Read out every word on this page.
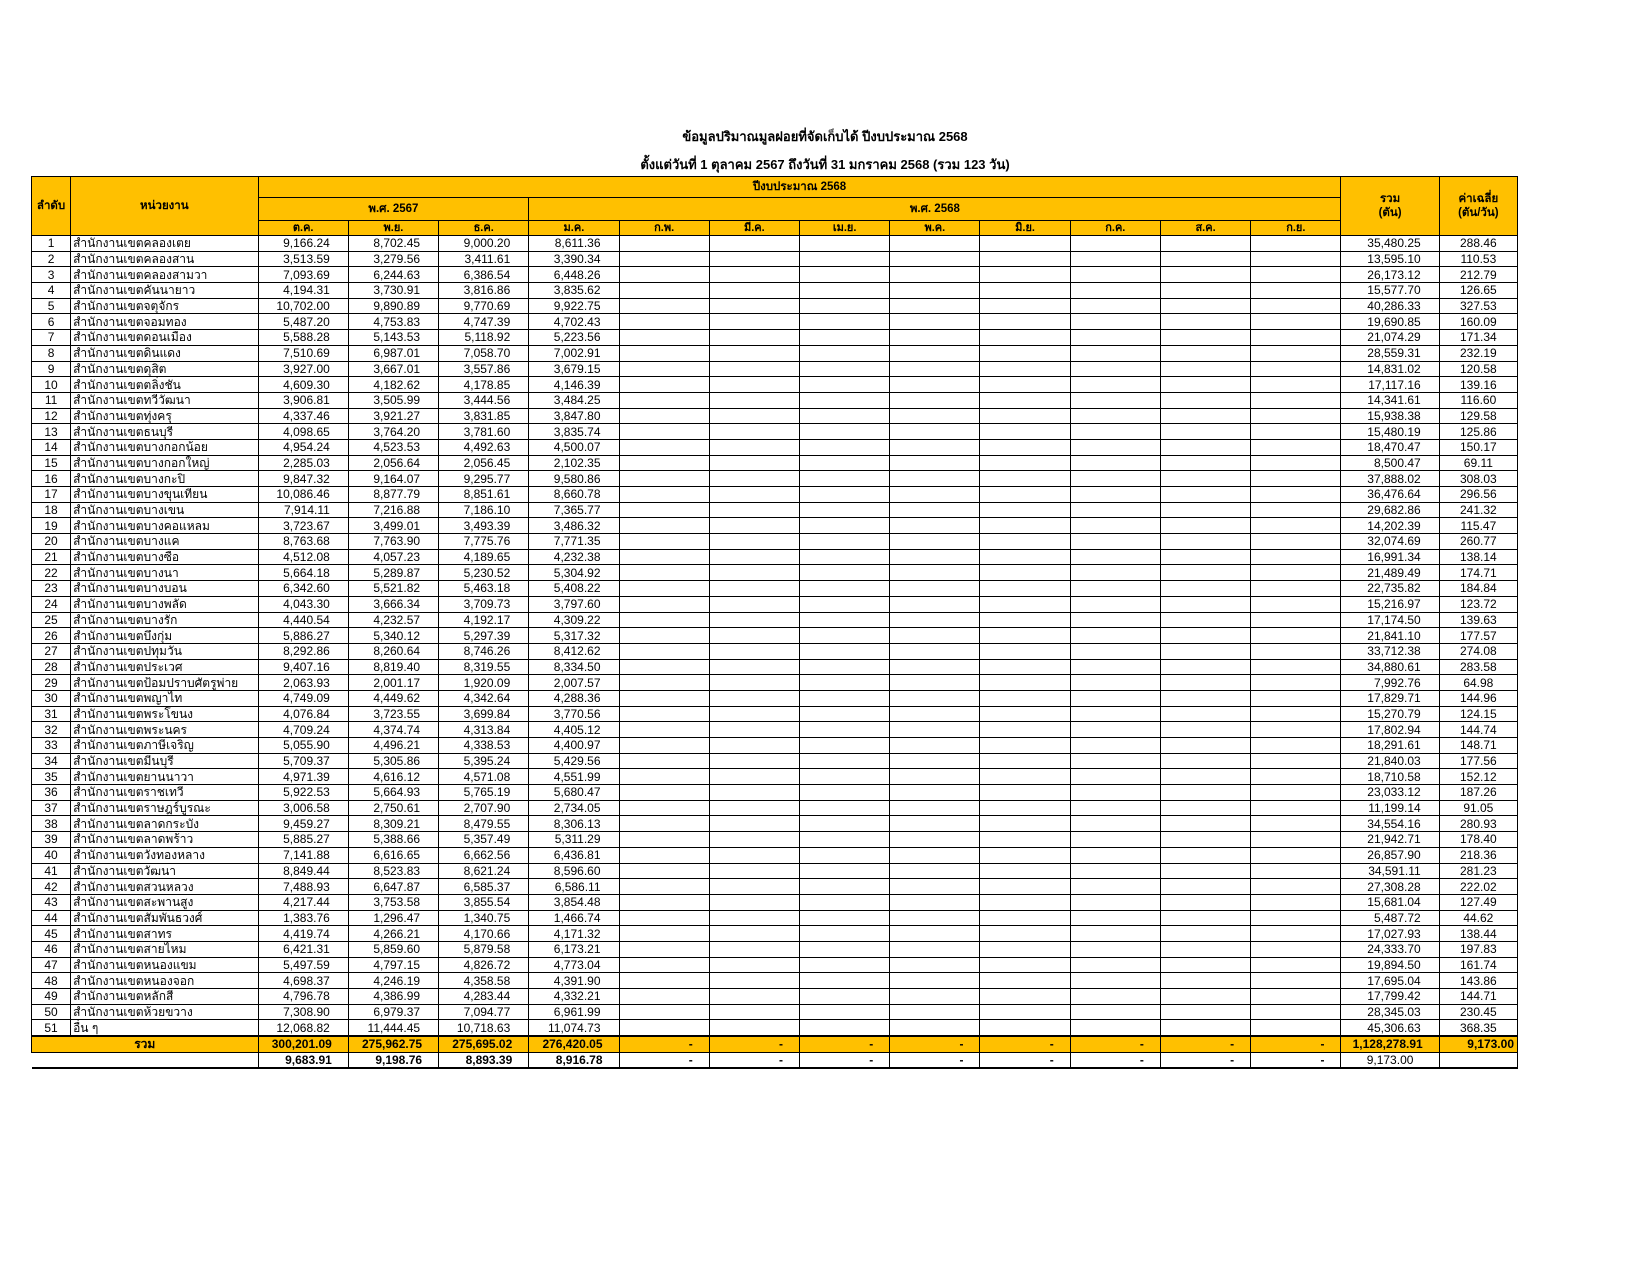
ข้อมูลปริมาณมูลฝอยที่จัดเก็บได้ ปีงบประมาณ 2568
ตั้งแต่วันที่ 1 ตุลาคม 2567 ถึงวันที่ 31 มกราคม 2568 (รวม 123 วัน)
ลำดับ	หน่วยงาน	ปีงบประมาณ 2568												รวม
(ตัน)	ค่าเฉลี่ย
(ตัน/วัน)
		พ.ศ. 2567			พ.ศ. 2568										
		ต.ค.	พ.ย.	ธ.ค.	ม.ค.	ก.พ.	มี.ค.	เม.ย.	พ.ค.	มิ.ย.	ก.ค.	ส.ค.	ก.ย.		
1	สำนักงานเขตคลองเตย	9,166.24	8,702.45	9,000.20	8,611.36									35,480.25	288.46
2	สำนักงานเขตคลองสาน	3,513.59	3,279.56	3,411.61	3,390.34									13,595.10	110.53
3	สำนักงานเขตคลองสามวา	7,093.69	6,244.63	6,386.54	6,448.26									26,173.12	212.79
4	สำนักงานเขตคันนายาว	4,194.31	3,730.91	3,816.86	3,835.62									15,577.70	126.65
5	สำนักงานเขตจตุจักร	10,702.00	9,890.89	9,770.69	9,922.75									40,286.33	327.53
6	สำนักงานเขตจอมทอง	5,487.20	4,753.83	4,747.39	4,702.43									19,690.85	160.09
7	สำนักงานเขตดอนเมือง	5,588.28	5,143.53	5,118.92	5,223.56									21,074.29	171.34
8	สำนักงานเขตดินแดง	7,510.69	6,987.01	7,058.70	7,002.91									28,559.31	232.19
9	สำนักงานเขตดุสิต	3,927.00	3,667.01	3,557.86	3,679.15									14,831.02	120.58
10	สำนักงานเขตตลิ่งชัน	4,609.30	4,182.62	4,178.85	4,146.39									17,117.16	139.16
11	สำนักงานเขตทวีวัฒนา	3,906.81	3,505.99	3,444.56	3,484.25									14,341.61	116.60
12	สำนักงานเขตทุ่งครุ	4,337.46	3,921.27	3,831.85	3,847.80									15,938.38	129.58
13	สำนักงานเขตธนบุรี	4,098.65	3,764.20	3,781.60	3,835.74									15,480.19	125.86
14	สำนักงานเขตบางกอกน้อย	4,954.24	4,523.53	4,492.63	4,500.07									18,470.47	150.17
15	สำนักงานเขตบางกอกใหญ่	2,285.03	2,056.64	2,056.45	2,102.35									8,500.47	69.11
16	สำนักงานเขตบางกะปิ	9,847.32	9,164.07	9,295.77	9,580.86									37,888.02	308.03
17	สำนักงานเขตบางขุนเทียน	10,086.46	8,877.79	8,851.61	8,660.78									36,476.64	296.56
18	สำนักงานเขตบางเขน	7,914.11	7,216.88	7,186.10	7,365.77									29,682.86	241.32
19	สำนักงานเขตบางคอแหลม	3,723.67	3,499.01	3,493.39	3,486.32									14,202.39	115.47
20	สำนักงานเขตบางแค	8,763.68	7,763.90	7,775.76	7,771.35									32,074.69	260.77
21	สำนักงานเขตบางซื่อ	4,512.08	4,057.23	4,189.65	4,232.38									16,991.34	138.14
22	สำนักงานเขตบางนา	5,664.18	5,289.87	5,230.52	5,304.92									21,489.49	174.71
23	สำนักงานเขตบางบอน	6,342.60	5,521.82	5,463.18	5,408.22									22,735.82	184.84
24	สำนักงานเขตบางพลัด	4,043.30	3,666.34	3,709.73	3,797.60									15,216.97	123.72
25	สำนักงานเขตบางรัก	4,440.54	4,232.57	4,192.17	4,309.22									17,174.50	139.63
26	สำนักงานเขตบึงกุ่ม	5,886.27	5,340.12	5,297.39	5,317.32									21,841.10	177.57
27	สำนักงานเขตปทุมวัน	8,292.86	8,260.64	8,746.26	8,412.62									33,712.38	274.08
28	สำนักงานเขตประเวศ	9,407.16	8,819.40	8,319.55	8,334.50									34,880.61	283.58
29	สำนักงานเขตป้อมปราบศัตรูพ่าย	2,063.93	2,001.17	1,920.09	2,007.57									7,992.76	64.98
30	สำนักงานเขตพญาไท	4,749.09	4,449.62	4,342.64	4,288.36									17,829.71	144.96
31	สำนักงานเขตพระโขนง	4,076.84	3,723.55	3,699.84	3,770.56									15,270.79	124.15
32	สำนักงานเขตพระนคร	4,709.24	4,374.74	4,313.84	4,405.12									17,802.94	144.74
33	สำนักงานเขตภาษีเจริญ	5,055.90	4,496.21	4,338.53	4,400.97									18,291.61	148.71
34	สำนักงานเขตมีนบุรี	5,709.37	5,305.86	5,395.24	5,429.56									21,840.03	177.56
35	สำนักงานเขตยานนาวา	4,971.39	4,616.12	4,571.08	4,551.99									18,710.58	152.12
36	สำนักงานเขตราชเทวี	5,922.53	5,664.93	5,765.19	5,680.47									23,033.12	187.26
37	สำนักงานเขตราษฎร์บูรณะ	3,006.58	2,750.61	2,707.90	2,734.05									11,199.14	91.05
38	สำนักงานเขตลาดกระบัง	9,459.27	8,309.21	8,479.55	8,306.13									34,554.16	280.93
39	สำนักงานเขตลาดพร้าว	5,885.27	5,388.66	5,357.49	5,311.29									21,942.71	178.40
40	สำนักงานเขตวังทองหลาง	7,141.88	6,616.65	6,662.56	6,436.81									26,857.90	218.36
41	สำนักงานเขตวัฒนา	8,849.44	8,523.83	8,621.24	8,596.60									34,591.11	281.23
42	สำนักงานเขตสวนหลวง	7,488.93	6,647.87	6,585.37	6,586.11									27,308.28	222.02
43	สำนักงานเขตสะพานสูง	4,217.44	3,753.58	3,855.54	3,854.48									15,681.04	127.49
44	สำนักงานเขตสัมพันธวงศ์	1,383.76	1,296.47	1,340.75	1,466.74									5,487.72	44.62
45	สำนักงานเขตสาทร	4,419.74	4,266.21	4,170.66	4,171.32									17,027.93	138.44
46	สำนักงานเขตสายไหม	6,421.31	5,859.60	5,879.58	6,173.21									24,333.70	197.83
47	สำนักงานเขตหนองแขม	5,497.59	4,797.15	4,826.72	4,773.04									19,894.50	161.74
48	สำนักงานเขตหนองจอก	4,698.37	4,246.19	4,358.58	4,391.90									17,695.04	143.86
49	สำนักงานเขตหลักสี่	4,796.78	4,386.99	4,283.44	4,332.21									17,799.42	144.71
50	สำนักงานเขตห้วยขวาง	7,308.90	6,979.37	7,094.77	6,961.99									28,345.03	230.45
51	อื่น ๆ	12,068.82	11,444.45	10,718.63	11,074.73									45,306.63	368.35
รวม		300,201.09	275,962.75	275,695.02	276,420.05	-	-	-	-	-	-	-	-	1,128,278.91	9,173.00
		9,683.91	9,198.76	8,893.39	8,916.78	-	-	-	-	-	-	-	-	9,173.00	
